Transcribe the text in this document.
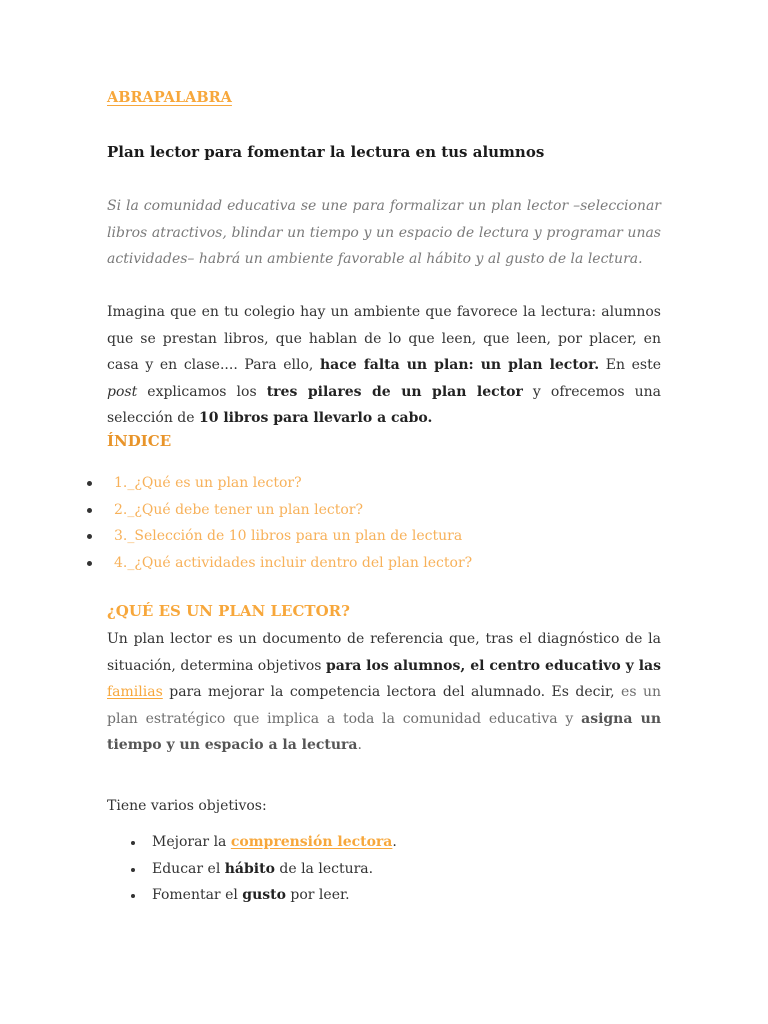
ABRAPALABRA
Plan lector para fomentar la lectura en tus alumnos
Si la comunidad educativa se une para formalizar un plan lector –seleccionar libros atractivos, blindar un tiempo y un espacio de lectura y programar unas actividades– habrá un ambiente favorable al hábito y al gusto de la lectura.
Imagina que en tu colegio hay un ambiente que favorece la lectura: alumnos que se prestan libros, que hablan de lo que leen, que leen, por placer, en casa y en clase.... Para ello, hace falta un plan: un plan lector. En este post explicamos los tres pilares de un plan lector y ofrecemos una selección de 10 libros para llevarlo a cabo.
ÍNDICE
1._¿Qué es un plan lector?
2._¿Qué debe tener un plan lector?
3._Selección de 10 libros para un plan de lectura
4._¿Qué actividades incluir dentro del plan lector?
¿QUÉ ES UN PLAN LECTOR?
Un plan lector es un documento de referencia que, tras el diagnóstico de la situación, determina objetivos para los alumnos, el centro educativo y las familias para mejorar la competencia lectora del alumnado. Es decir, es un plan estratégico que implica a toda la comunidad educativa y asigna un tiempo y un espacio a la lectura.
Tiene varios objetivos:
Mejorar la comprensión lectora.
Educar el hábito de la lectura.
Fomentar el gusto por leer.
